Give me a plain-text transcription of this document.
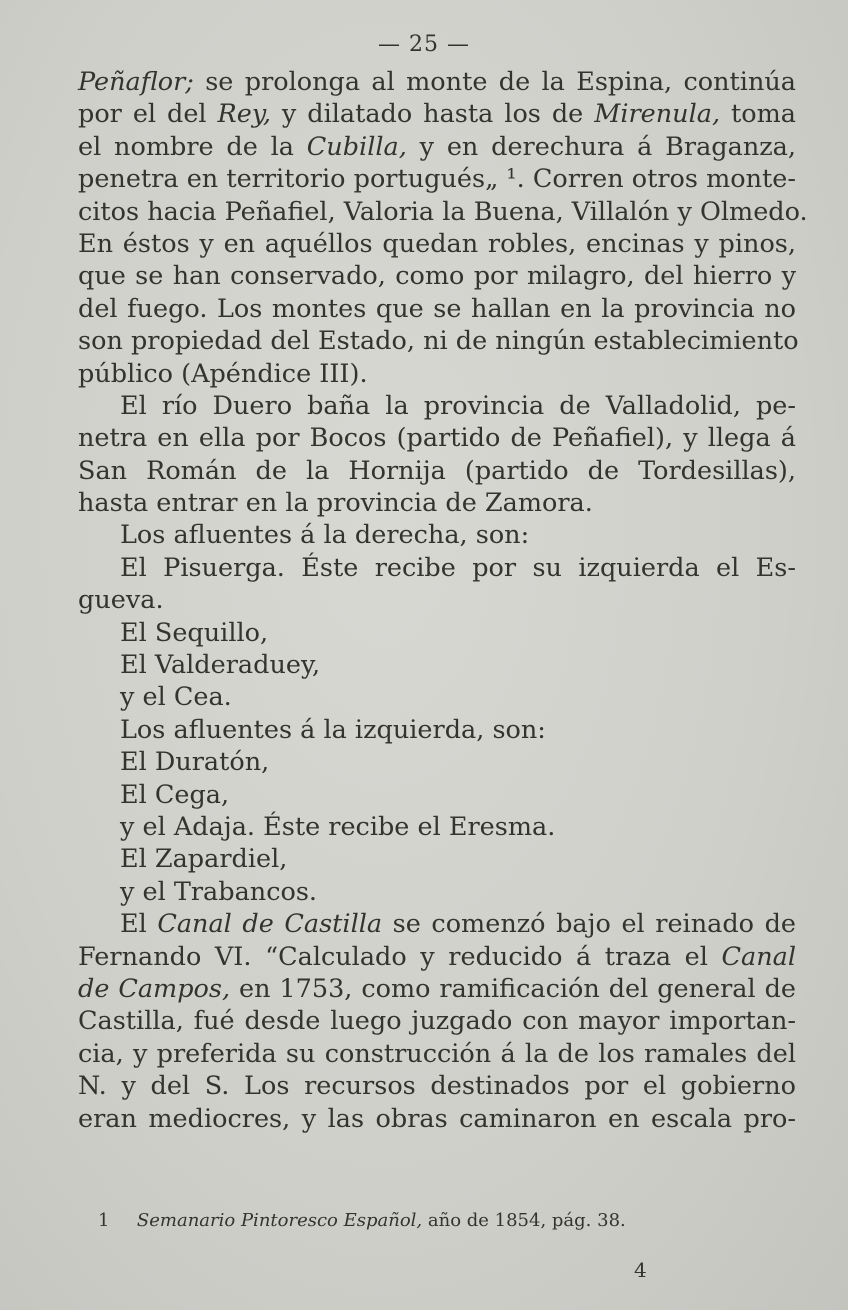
— 25 —
Peñaflor; se prolonga al monte de la Espina, continúa
por el del Rey, y dilatado hasta los de Mirenula, toma
el nombre de la Cubilla, y en derechura á Braganza,
penetra en territorio portugués„ ¹. Corren otros monte-
citos hacia Peñafiel, Valoria la Buena, Villalón y Olmedo.
En éstos y en aquéllos quedan robles, encinas y pinos,
que se han conservado, como por milagro, del hierro y
del fuego. Los montes que se hallan en la provincia no
son propiedad del Estado, ni de ningún establecimiento
público (Apéndice III).
El río Duero baña la provincia de Valladolid, pe-
netra en ella por Bocos (partido de Peñafiel), y llega á
San Román de la Hornija (partido de Tordesillas),
hasta entrar en la provincia de Zamora.
Los afluentes á la derecha, son:
El Pisuerga. Éste recibe por su izquierda el Es-
gueva.
El Sequillo,
El Valderaduey,
y el Cea.
Los afluentes á la izquierda, son:
El Duratón,
El Cega,
y el Adaja. Éste recibe el Eresma.
El Zapardiel,
y el Trabancos.
El Canal de Castilla se comenzó bajo el reinado de
Fernando VI. “Calculado y reducido á traza el Canal
de Campos, en 1753, como ramificación del general de
Castilla, fué desde luego juzgado con mayor importan-
cia, y preferida su construcción á la de los ramales del
N. y del S. Los recursos destinados por el gobierno
eran mediocres, y las obras caminaron en escala pro-
1 Semanario Pintoresco Español, año de 1854, pág. 38.
4
